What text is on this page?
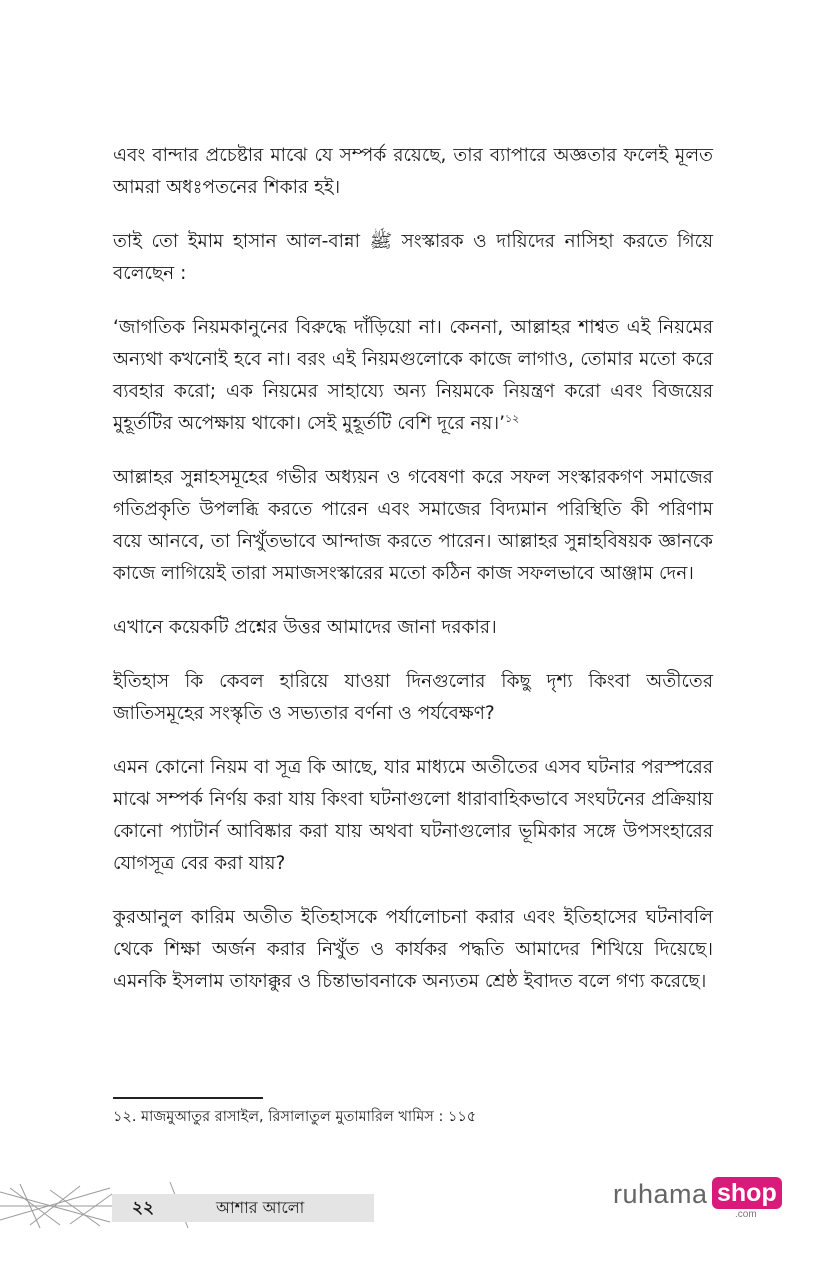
এবং বান্দার প্রচেষ্টার মাঝে যে সম্পর্ক রয়েছে, তার ব্যাপারে অজ্ঞতার ফলেই মূলত আমরা অধঃপতনের শিকার হই।

তাই তো ইমাম হাসান আল-বান্না ﷺ সংস্কারক ও দায়িদের নাসিহা করতে গিয়ে বলেছেন :

‘জাগতিক নিয়মকানুনের বিরুদ্ধে দাঁড়িয়ো না। কেননা, আল্লাহর শাশ্বত এই নিয়মের অন্যথা কখনোই হবে না। বরং এই নিয়মগুলোকে কাজে লাগাও, তোমার মতো করে ব্যবহার করো; এক নিয়মের সাহায্যে অন্য নিয়মকে নিয়ন্ত্রণ করো এবং বিজয়ের মুহূর্তটির অপেক্ষায় থাকো। সেই মুহূর্তটি বেশি দূরে নয়।’$^{১২}$

আল্লাহর সুন্নাহসমূহের গভীর অধ্যয়ন ও গবেষণা করে সফল সংস্কারকগণ সমাজের গতিপ্রকৃতি উপলব্ধি করতে পারেন এবং সমাজের বিদ্যমান পরিস্থিতি কী পরিণাম বয়ে আনবে, তা নিখুঁতভাবে আন্দাজ করতে পারেন। আল্লাহর সুন্নাহবিষয়ক জ্ঞানকে কাজে লাগিয়েই তারা সমাজসংস্কারের মতো কঠিন কাজ সফলভাবে আঞ্জাম দেন।

এখানে কয়েকটি প্রশ্নের উত্তর আমাদের জানা দরকার।

ইতিহাস কি কেবল হারিয়ে যাওয়া দিনগুলোর কিছু দৃশ্য কিংবা অতীতের জাতিসমূহের সংস্কৃতি ও সভ্যতার বর্ণনা ও পর্যবেক্ষণ?

এমন কোনো নিয়ম বা সূত্র কি আছে, যার মাধ্যমে অতীতের এসব ঘটনার পরস্পরের মাঝে সম্পর্ক নির্ণয় করা যায় কিংবা ঘটনাগুলো ধারাবাহিকভাবে সংঘটনের প্রক্রিয়ায় কোনো প্যাটার্ন আবিষ্কার করা যায় অথবা ঘটনাগুলোর ভূমিকার সঙ্গে উপসংহারের যোগসূত্র বের করা যায়?

কুরআনুল কারিম অতীত ইতিহাসকে পর্যালোচনা করার এবং ইতিহাসের ঘটনাবলি থেকে শিক্ষা অর্জন করার নিখুঁত ও কার্যকর পদ্ধতি আমাদের শিখিয়ে দিয়েছে। এমনকি ইসলাম তাফাক্কুর ও চিন্তাভাবনাকে অন্যতম শ্রেষ্ঠ ইবাদত বলে গণ্য করেছে।

১২. মাজমুআতুর রাসাইল, রিসালাতুল মুতামারিল খামিস : ১১৫
২২	আশার আলো	ruhama shop
.com
